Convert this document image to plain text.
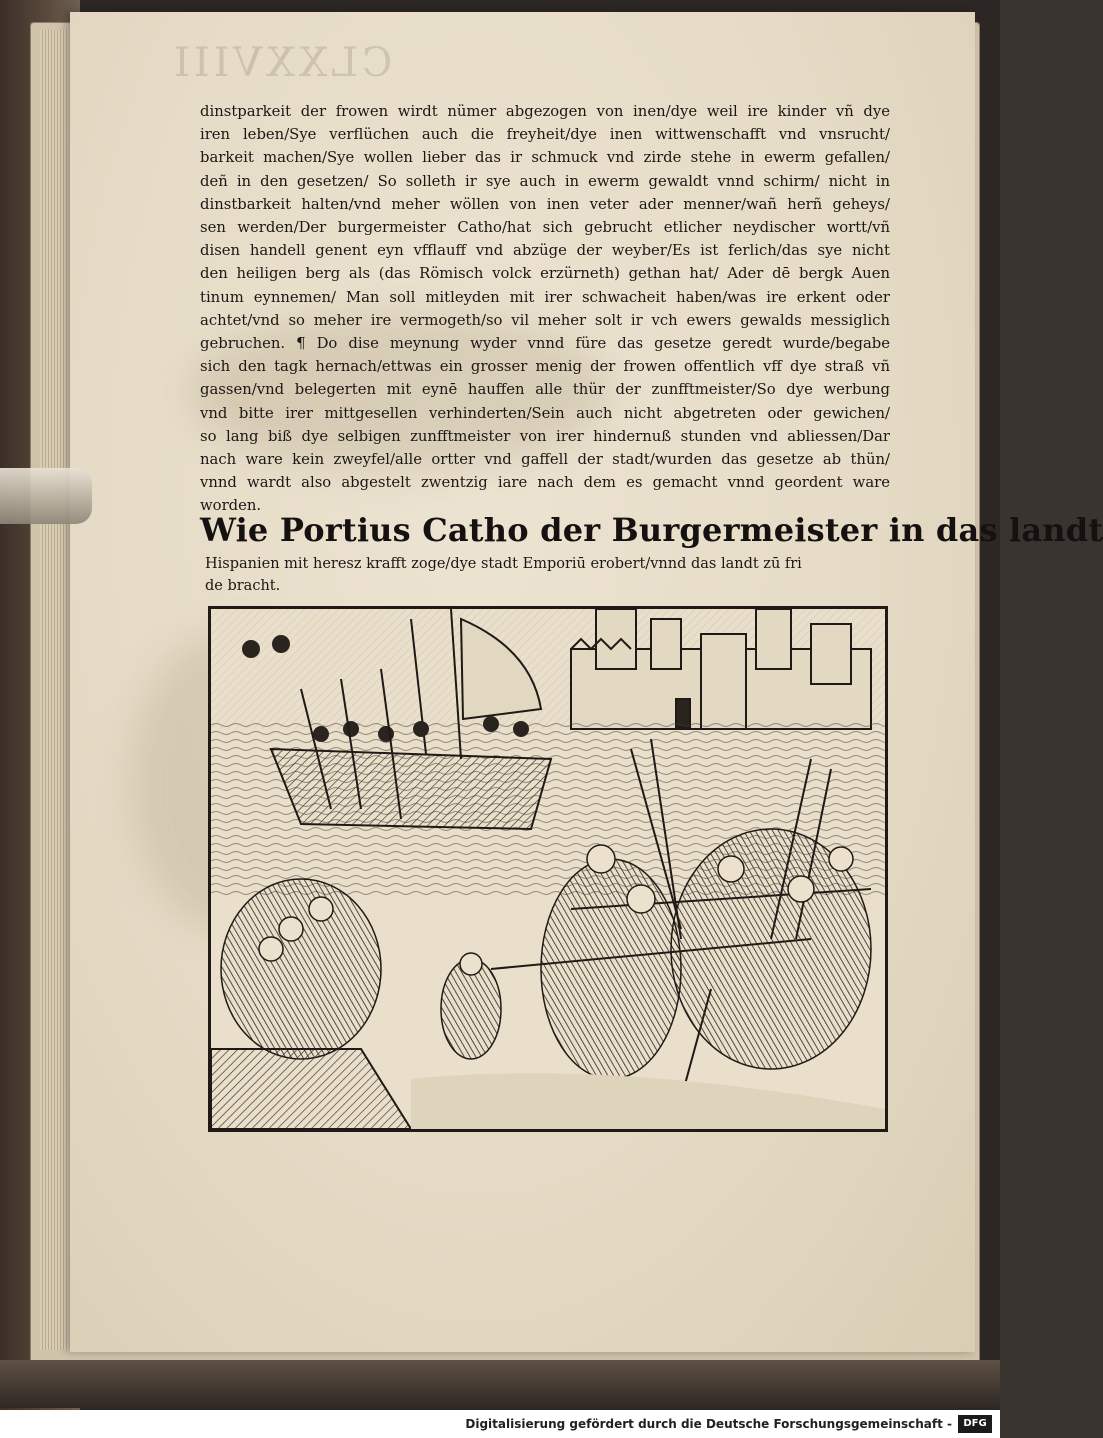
CLXXVIII
dinstparkeit der frowen wirdt nümer abgezogen von inen/dye weil ire kinder vñ dye
iren leben/Sye verflüchen auch die freyheit/dye inen wittwenschafft vnd vnsrucht/
barkeit machen/Sye wollen lieber das ir schmuck vnd zirde stehe in ewerm gefallen/
deñ in den gesetzen/ So solleth ir sye auch in ewerm gewaldt vnnd schirm/ nicht in
dinstbarkeit halten/vnd meher wöllen von inen veter ader menner/wañ herñ geheys/
sen werden/Der burgermeister Catho/hat sich gebrucht etlicher neydischer wortt/vñ
disen handell genent eyn vfflauff vnd abzüge der weyber/Es ist ferlich/das sye nicht
den heiligen berg als (das Römisch volck erzürneth) gethan hat/ Ader dē bergk Auen
tinum eynnemen/ Man soll mitleyden mit irer schwacheit haben/was ire erkent oder
achtet/vnd so meher ire vermogeth/so vil meher solt ir vch ewers gewalds messiglich
gebruchen. ¶ Do dise meynung wyder vnnd füre das gesetze geredt wurde/begabe
sich den tagk hernach/ettwas ein grosser menig der frowen offentlich vff dye straß vñ
gassen/vnd belegerten mit eynē hauffen alle thür der zunfftmeister/So dye werbung
vnd bitte irer mittgesellen verhinderten/Sein auch nicht abgetreten oder gewichen/
so lang biß dye selbigen zunfftmeister von irer hindernuß stunden vnd abliessen/Dar
nach ware kein zweyfel/alle ortter vnd gaffell der stadt/wurden das gesetze ab thün/
vnnd wardt also abgestelt zwentzig iare nach dem es gemacht vnnd geordent ware
worden.
Wie Portius Catho der Burgermeister in das landt
Hispanien mit heresz krafft zoge/dye stadt Emporiū erobert/vnnd das landt zū fri
de bracht.
Digitalisierung gefördert durch die Deutsche Forschungsgemeinschaft -	DFG
